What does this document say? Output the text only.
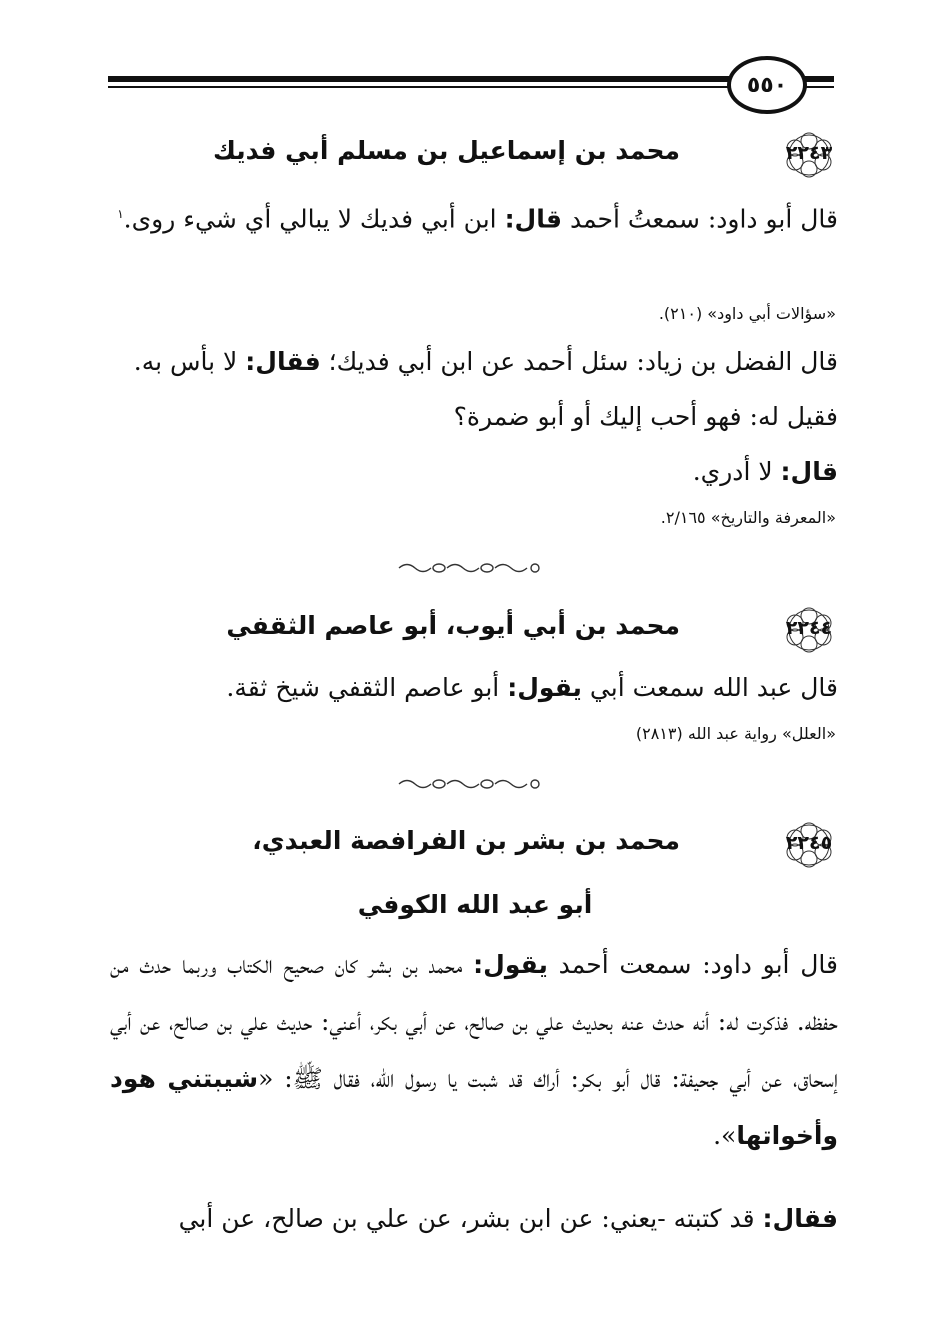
٥٥٠
٢٢٤٣
محمد بن إسماعيل بن مسلم أبي فديك
قال أبو داود: سمعتُ أحمد قال: ابن أبي فديك لا يبالي أي شيء روى.$^١$
«سؤالات أبي داود» (٢١٠).
قال الفضل بن زياد: سئل أحمد عن ابن أبي فديك؛ فقال: لا بأس به.
فقيل له: فهو أحب إليك أو أبو ضمرة؟
قال: لا أدري.
«المعرفة والتاريخ» ٢/١٦٥.
٢٢٤٤
محمد بن أبي أيوب، أبو عاصم الثقفي
قال عبد الله سمعت أبي يقول: أبو عاصم الثقفي شيخ ثقة.
«العلل» رواية عبد الله (٢٨١٣)
٢٢٤٥
محمد بن بشر بن الفرافصة العبدي،
أبو عبد الله الكوفي
قال أبو داود: سمعت أحمد يقول: محمد بن بشر كان صحيح الكتاب وربما حدث من حفظه. فذكرت له: أنه حدث عنه بحديث علي بن صالح، عن أبي بكر، أعني: حديث علي بن صالح، عن أبي إسحاق، عن أبي جحيفة: قال أبو بكر: أراك قد شبت يا رسول الله، فقال ﷺ: «شيبتني هود وأخواتها».
فقال: قد كتبته -يعني: عن ابن بشر، عن علي بن صالح، عن أبي
